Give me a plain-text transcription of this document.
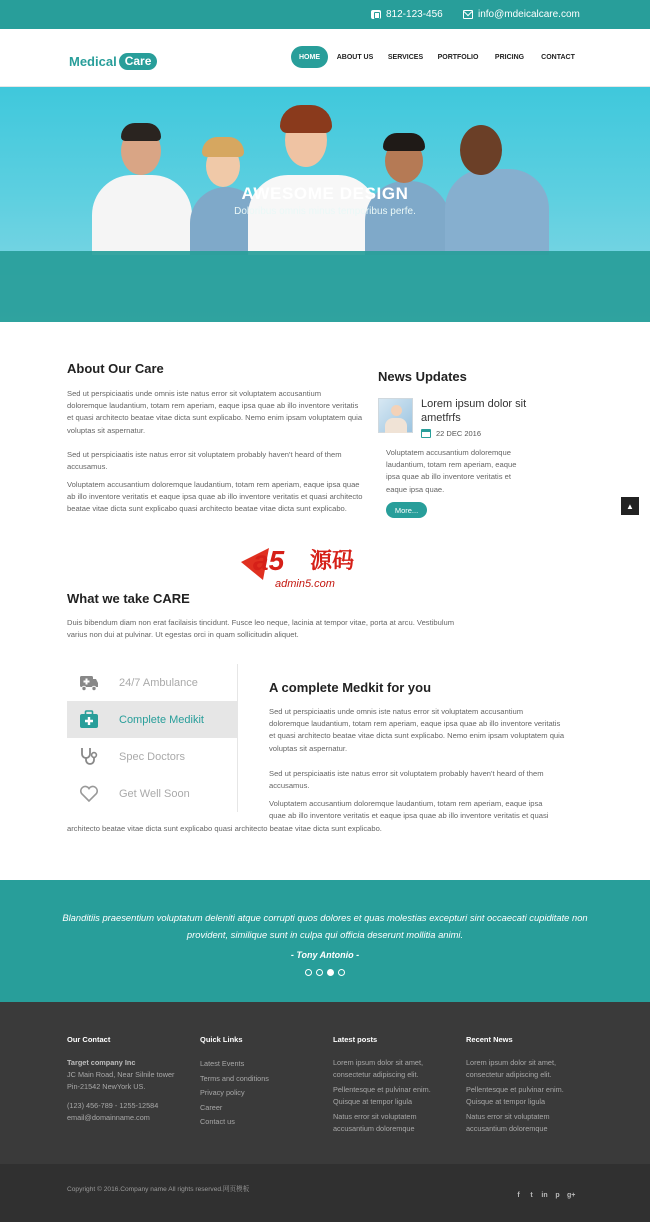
812-123-456	info@mdeicalcare.com
Medical Care	HOME	ABOUT US SERVICES PORTFOLIO PRICING CONTACT
AWESOME DESIGN
Doloribus omnis minus temporibus perfe.
About Our Care
Sed ut perspiciaatis unde omnis iste natus error sit voluptatem accusantium doloremque laudantium, totam rem aperiam, eaque ipsa quae ab illo inventore veritatis et quasi architecto beatae vitae dicta sunt explicabo. Nemo enim ipsam voluptatem quia voluptas sit aspernatur.
Sed ut perspiciaatis iste natus error sit voluptatem probably haven't heard of them accusamus.
Voluptatem accusantium doloremque laudantium, totam rem aperiam, eaque ipsa quae ab illo inventore veritatis et eaque ipsa quae ab illo inventore veritatis et quasi architecto beatae vitae dicta sunt explicabo quasi architecto beatae vitae dicta sunt explicabo.
News Updates
Lorem ipsum dolor sit ametfrfs
22 DEC 2016
Voluptatem accusantium doloremque laudantium, totam rem aperiam, eaque ipsa quae ab illo inventore veritatis et eaque ipsa quae.
More...	▲
a5 源码
admin5.com
What we take CARE
Duis bibendum diam non erat facilaisis tincidunt. Fusce leo neque, lacinia at tempor vitae, porta at arcu. Vestibulum varius non dui at pulvinar. Ut egestas orci in quam sollicitudin aliquet.
24/7 Ambulance
Complete Medikit
Spec Doctors
Get Well Soon
A complete Medkit for you
Sed ut perspiciaatis unde omnis iste natus error sit voluptatem accusantium doloremque laudantium, totam rem aperiam, eaque ipsa quae ab illo inventore veritatis et quasi architecto beatae vitae dicta sunt explicabo. Nemo enim ipsam voluptatem quia voluptas sit aspernatur.
Sed ut perspiciaatis iste natus error sit voluptatem probably haven't heard of them accusamus.
Voluptatem accusantium doloremque laudantium, totam rem aperiam, eaque ipsa
quae ab illo inventore veritatis et eaque ipsa quae ab illo inventore veritatis et quasi
architecto beatae vitae dicta sunt explicabo quasi architecto beatae vitae dicta sunt explicabo.
Blanditiis praesentium voluptatum deleniti atque corrupti quos dolores et quas molestias excepturi sint occaecati cupiditate non provident, similique sunt in culpa qui officia deserunt mollitia animi.
- Tony Antonio -
Our Contact
Target company Inc
JC Main Road, Near Silnile tower
Pin-21542 NewYork US.
(123) 456-789 - 1255-12584
email@domainname.com
Quick Links
Latest Events
Terms and conditions
Privacy policy
Career
Contact us
Latest posts
Lorem ipsum dolor sit amet, consectetur adipiscing elit.
Pellentesque et pulvinar enim. Quisque at tempor ligula
Natus error sit voluptatem accusantium doloremque
Recent News
Lorem ipsum dolor sit amet, consectetur adipiscing elit.
Pellentesque et pulvinar enim. Quisque at tempor ligula
Natus error sit voluptatem accusantium doloremque
Copyright © 2016.Company name All rights reserved.网页模板
f	t	in p g+
